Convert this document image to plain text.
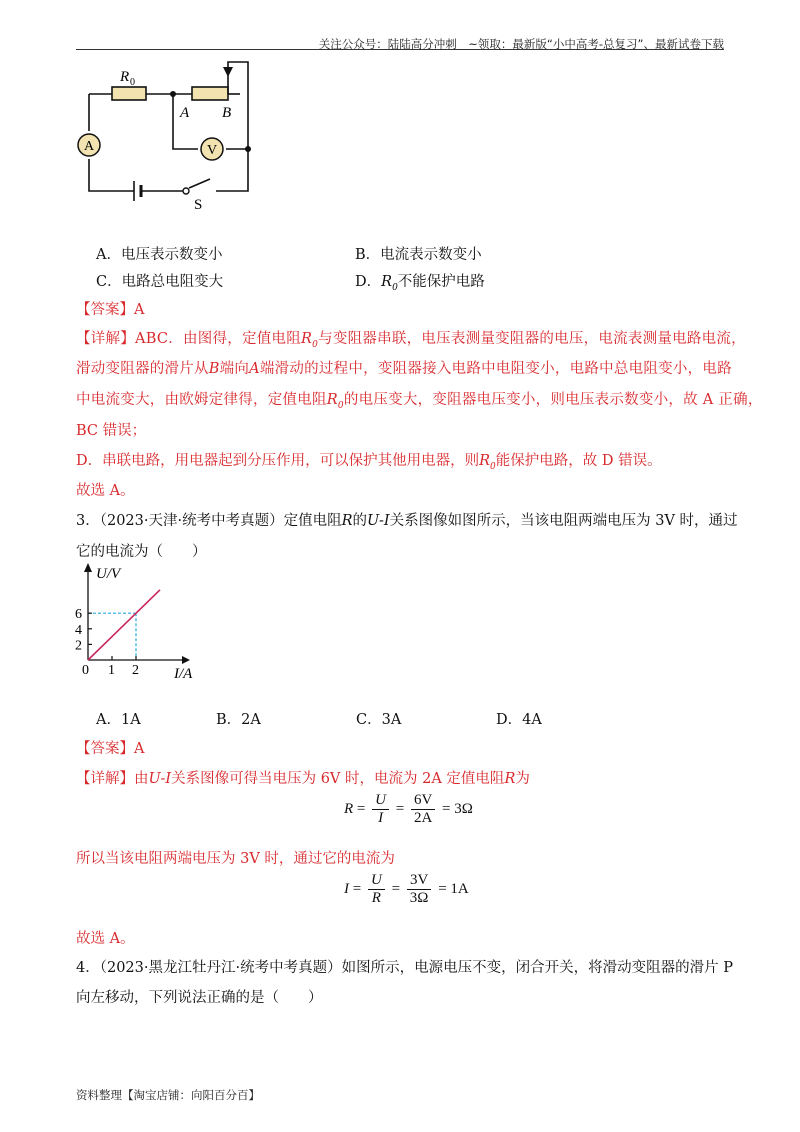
关注公众号：陆陆高分冲刺　~领取：最新版“小中高考-总复习”、最新试卷下载
A	V
R 0
A B
S
A．电压表示数变小	B．电流表示数变小
C．电路总电阻变大	D．$R_0$不能保护电路
【答案】A
【详解】ABC．由图得，定值电阻$R_0$与变阻器串联，电压表测量变阻器的电压，电流表测量电路电流，
滑动变阻器的滑片从B端向A端滑动的过程中，变阻器接入电路中电阻变小，电路中总电阻变小，电路
中电流变大，由欧姆定律得，定值电阻$R_0$的电压变大，变阻器电压变小，则电压表示数变小，故 A 正确，
BC 错误；
D．串联电路，用电器起到分压作用，可以保护其他用电器，则$R_0$能保护电路，故 D 错误。
故选 A。
3．（2023·天津·统考中考真题）定值电阻R的U-I关系图像如图所示，当该电阻两端电压为 3V 时，通过
它的电流为（　　）
U/V
I/A
0 1 2
2
4
6
A．1A	B．2A	C．3A	D．4A
【答案】A
【详解】由U-I关系图像可得当电压为 6V 时，电流为 2A 定值电阻R为
$R = \frac{U}{I} = \frac{6V}{2A} = 3\Omega$
所以当该电阻两端电压为 3V 时，通过它的电流为
$I = \frac{U}{R} = \frac{3V}{3\Omega} = 1A$
故选 A。
4．（2023·黑龙江牡丹江·统考中考真题）如图所示，电源电压不变，闭合开关，将滑动变阻器的滑片 P
向左移动，下列说法正确的是（　　）
资料整理【淘宝店铺：向阳百分百】
